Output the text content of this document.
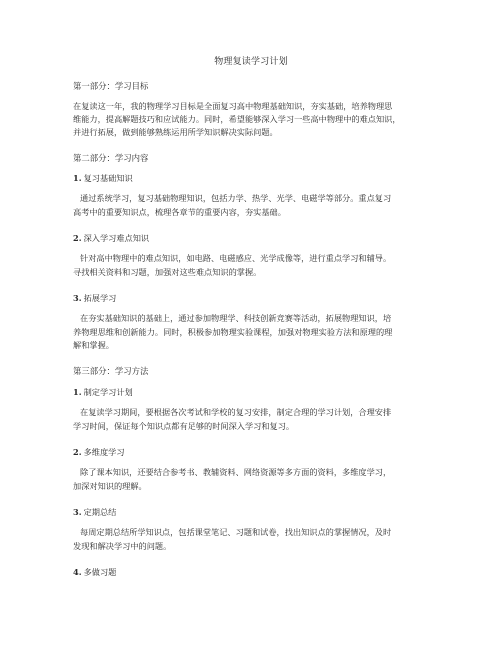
物理复读学习计划
第一部分：学习目标
在复读这一年，我的物理学习目标是全面复习高中物理基础知识，夯实基础，培养物理思
维能力，提高解题技巧和应试能力。同时，希望能够深入学习一些高中物理中的难点知识，
并进行拓展，做到能够熟练运用所学知识解决实际问题。
第二部分：学习内容
1. 复习基础知识
通过系统学习，复习基础物理知识，包括力学、热学、光学、电磁学等部分。重点复习
高考中的重要知识点，梳理各章节的重要内容，夯实基础。
2. 深入学习难点知识
针对高中物理中的难点知识，如电路、电磁感应、光学成像等，进行重点学习和辅导。
寻找相关资料和习题，加强对这些难点知识的掌握。
3. 拓展学习
在夯实基础知识的基础上，通过参加物理学、科技创新竞赛等活动，拓展物理知识，培
养物理思维和创新能力。同时，积极参加物理实验课程，加强对物理实验方法和原理的理
解和掌握。
第三部分：学习方法
1. 制定学习计划
在复读学习期间，要根据各次考试和学校的复习安排，制定合理的学习计划，合理安排
学习时间，保证每个知识点都有足够的时间深入学习和复习。
2. 多维度学习
除了课本知识，还要结合参考书、教辅资料、网络资源等多方面的资料，多维度学习，
加深对知识的理解。
3. 定期总结
每周定期总结所学知识点，包括课堂笔记、习题和试卷，找出知识点的掌握情况，及时
发现和解决学习中的问题。
4. 多做习题
